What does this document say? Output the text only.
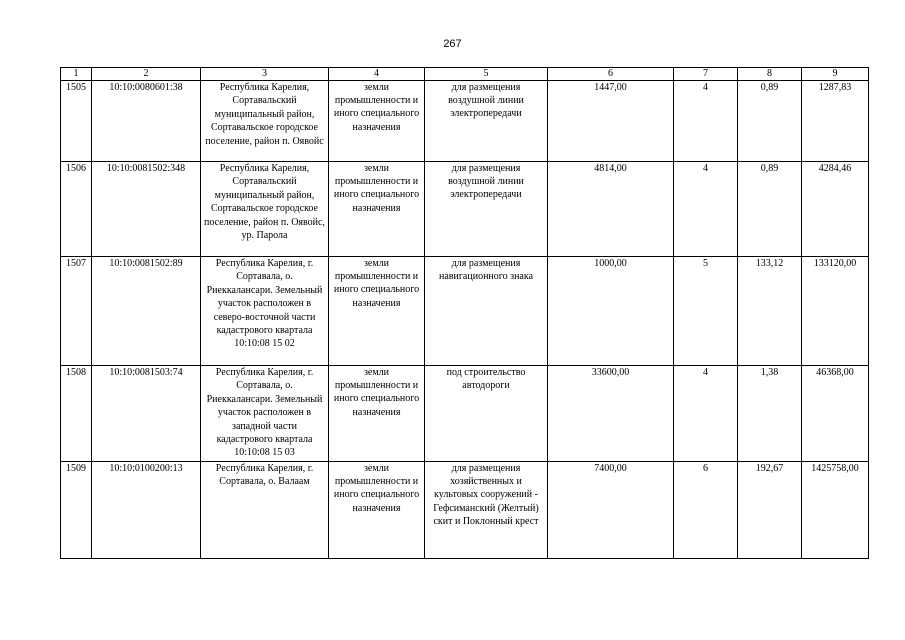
267
1	2	3	4	5	6	7	8	9
1505	10:10:0080601:38	Республика Карелия, Сортавальский муниципальный район, Сортавальское городское поселение, район п. Оявойс	земли промышленности и иного специального назначения	для размещения воздушной линии электропередачи	1447,00	4	0,89	1287,83
1506	10:10:0081502:348	Республика Карелия, Сортавальский муниципальный район, Сортавальское городское поселение, район п. Оявойс, ур. Парола	земли промышленности и иного специального назначения	для размещения воздушной линии электропередачи	4814,00	4	0,89	4284,46
1507	10:10:0081502:89	Республика Карелия, г. Сортавала, о. Риеккалансари. Земельный участок расположен в северо-восточной части кадастрового квартала 10:10:08 15 02	земли промышленности и иного специального назначения	для размещения навигационного знака	1000,00	5	133,12	133120,00
1508	10:10:0081503:74	Республика Карелия, г. Сортавала, о. Риеккалансари. Земельный участок расположен в западной части кадастрового квартала 10:10:08 15 03	земли промышленности и иного специального назначения	под строительство автодороги	33600,00	4	1,38	46368,00
1509	10:10:0100200:13	Республика Карелия, г. Сортавала, о. Валаам	земли промышленности и иного специального назначения	для размещения хозяйственных и культовых сооружений - Гефсиманский (Желтый) скит и Поклонный крест	7400,00	6	192,67	1425758,00
